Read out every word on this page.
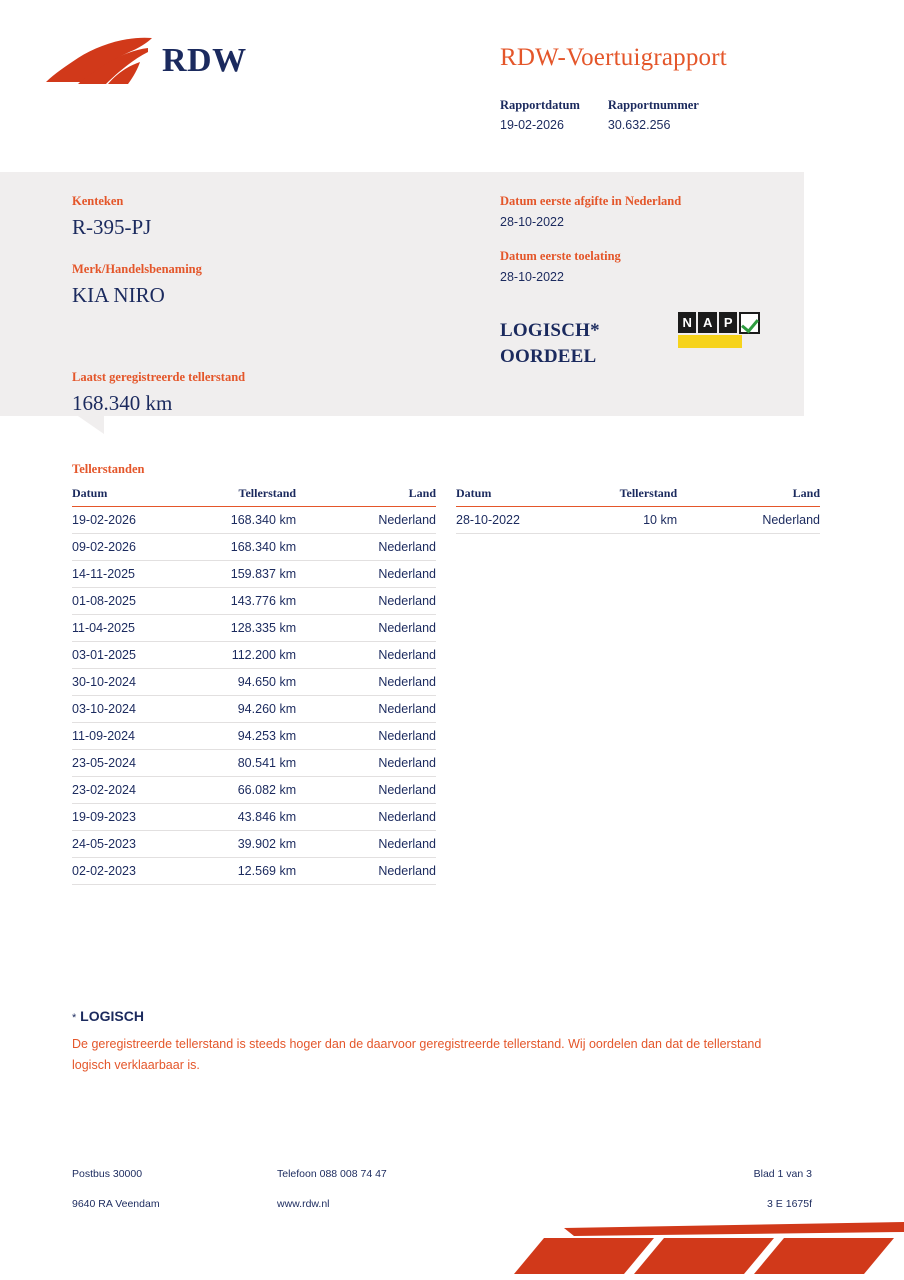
RDW	RDW-Voertuigrapport
Rapportdatum
19-02-2026
Rapportnummer
30.632.256
Kenteken
R-395-PJ
Merk/Handelsbenaming
KIA NIRO
Laatst geregistreerde tellerstand
168.340 km
Datum eerste afgifte in Nederland
28-10-2022
Datum eerste toelating
28-10-2022
LOGISCH*
OORDEEL
N A P
Tellerstanden
Datum	Tellerstand	Land
19-02-2026	168.340 km	Nederland
09-02-2026	168.340 km	Nederland
14-11-2025	159.837 km	Nederland
01-08-2025	143.776 km	Nederland
11-04-2025	128.335 km	Nederland
03-01-2025	112.200 km	Nederland
30-10-2024	94.650 km	Nederland
03-10-2024	94.260 km	Nederland
11-09-2024	94.253 km	Nederland
23-05-2024	80.541 km	Nederland
23-02-2024	66.082 km	Nederland
19-09-2023	43.846 km	Nederland
24-05-2023	39.902 km	Nederland
02-02-2023	12.569 km	Nederland
Datum	Tellerstand	Land
28-10-2022	10 km	Nederland
* LOGISCH
De geregistreerde tellerstand is steeds hoger dan de daarvoor geregistreerde tellerstand. Wij oordelen dan dat de tellerstand logisch verklaarbaar is.
Postbus 30000
9640 RA Veendam
Telefoon 088 008 74 47
www.rdw.nl
Blad 1 van 3
3 E 1675f
